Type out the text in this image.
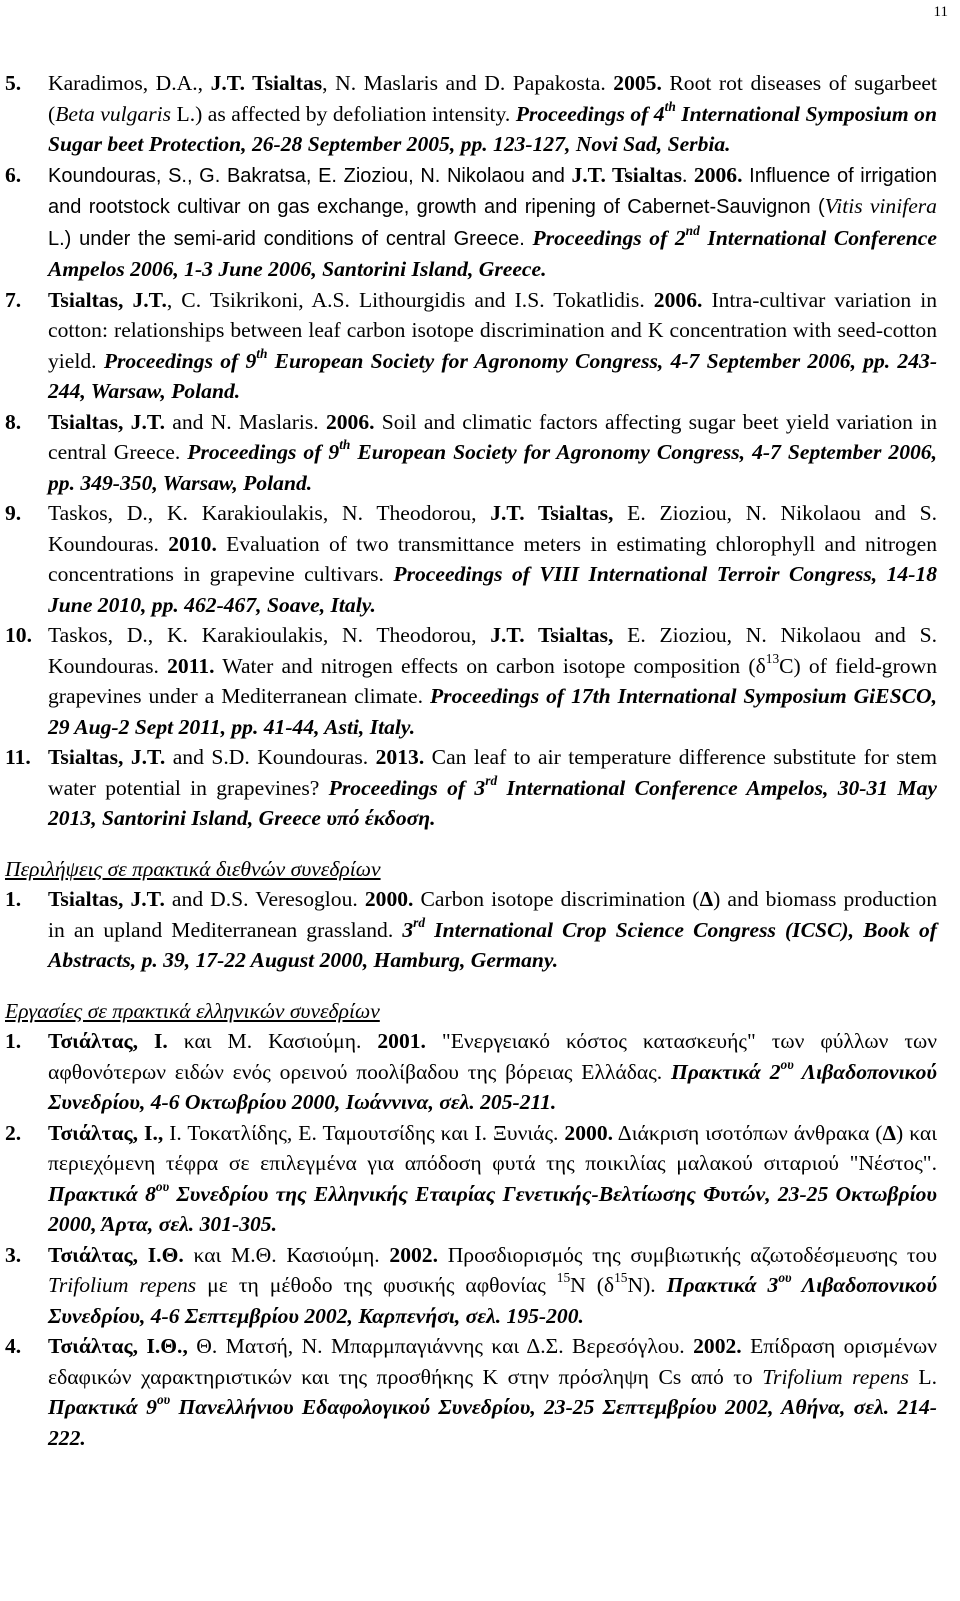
11
5. Karadimos, D.A., J.T. Tsialtas, N. Maslaris and D. Papakosta. 2005. Root rot diseases of sugarbeet (Beta vulgaris L.) as affected by defoliation intensity. Proceedings of 4th International Symposium on Sugar beet Protection, 26-28 September 2005, pp. 123-127, Novi Sad, Serbia.
6. Koundouras, S., G. Bakratsa, E. Zioziou, N. Nikolaou and J.T. Tsialtas. 2006. Influence of irrigation and rootstock cultivar on gas exchange, growth and ripening of Cabernet-Sauvignon (Vitis vinifera L.) under the semi-arid conditions of central Greece. Proceedings of 2nd International Conference Ampelos 2006, 1-3 June 2006, Santorini Island, Greece.
7. Tsialtas, J.T., C. Tsikrikoni, A.S. Lithourgidis and I.S. Tokatlidis. 2006. Intra-cultivar variation in cotton: relationships between leaf carbon isotope discrimination and K concentration with seed-cotton yield. Proceedings of 9th European Society for Agronomy Congress, 4-7 September 2006, pp. 243-244, Warsaw, Poland.
8. Tsialtas, J.T. and N. Maslaris. 2006. Soil and climatic factors affecting sugar beet yield variation in central Greece. Proceedings of 9th European Society for Agronomy Congress, 4-7 September 2006, pp. 349-350, Warsaw, Poland.
9. Taskos, D., K. Karakioulakis, N. Theodorou, J.T. Tsialtas, E. Zioziou, N. Nikolaou and S. Koundouras. 2010. Evaluation of two transmittance meters in estimating chlorophyll and nitrogen concentrations in grapevine cultivars. Proceedings of VIII International Terroir Congress, 14-18 June 2010, pp. 462-467, Soave, Italy.
10. Taskos, D., K. Karakioulakis, N. Theodorou, J.T. Tsialtas, E. Zioziou, N. Nikolaou and S. Koundouras. 2011. Water and nitrogen effects on carbon isotope composition $(\delta^{13}C)$ of field-grown grapevines under a Mediterranean climate. Proceedings of 17th International Symposium GiESCO, 29 Aug-2 Sept 2011, pp. 41-44, Asti, Italy.
11. Tsialtas, J.T. and S.D. Koundouras. 2013. Can leaf to air temperature difference substitute for stem water potential in grapevines? Proceedings of 3rd International Conference Ampelos, 30-31 May 2013, Santorini Island, Greece υπό έκδοση.
Περιλήψεις σε πρακτικά διεθνών συνεδρίων
1. Tsialtas, J.T. and D.S. Veresoglou. 2000. Carbon isotope discrimination (Δ) and biomass production in an upland Mediterranean grassland. 3rd International Crop Science Congress (ICSC), Book of Abstracts, p. 39, 17-22 August 2000, Hamburg, Germany.
Εργασίες σε πρακτικά ελληνικών συνεδρίων
1. Τσιάλτας, Ι. και Μ. Κασιούμη. 2001. "Ενεργειακό κόστος κατασκευής" των φύλλων των αφθονότερων ειδών ενός ορεινού ποολίβαδου της βόρειας Ελλάδας. Πρακτικά $2^{o\upsilon}$ Λιβαδοπονικού Συνεδρίου, 4-6 Οκτωβρίου 2000, Ιωάννινα, σελ. 205-211.
2. Τσιάλτας, Ι., Ι. Τοκατλίδης, Ε. Ταμουτσίδης και Ι. Ξυνιάς. 2000. Διάκριση ισοτόπων άνθρακα (Δ) και περιεχόμενη τέφρα σε επιλεγμένα για απόδοση φυτά της ποικιλίας μαλακού σιταριού "Νέστος". Πρακτικά $8^{o\upsilon}$ Συνεδρίου της Ελληνικής Εταιρίας Γενετικής-Βελτίωσης Φυτών, 23-25 Οκτωβρίου 2000, Άρτα, σελ. 301-305.
3. Τσιάλτας, Ι.Θ. και Μ.Θ. Κασιούμη. 2002. Προσδιορισμός της συμβιωτικής αζωτοδέσμευσης του Trifolium repens με τη μέθοδο της φυσικής αφθονίας $^{15}$N $(\delta^{15}N)$. Πρακτικά $3^{o\upsilon}$ Λιβαδοπονικού Συνεδρίου, 4-6 Σεπτεμβρίου 2002, Καρπενήσι, σελ. 195-200.
4. Τσιάλτας, Ι.Θ., Θ. Ματσή, Ν. Μπαρμπαγιάννης και Δ.Σ. Βερεσόγλου. 2002. Επίδραση ορισμένων εδαφικών χαρακτηριστικών και της προσθήκης Κ στην πρόσληψη Cs από το Trifolium repens L. Πρακτικά $9^{o\upsilon}$ Πανελλήνιου Εδαφολογικού Συνεδρίου, 23-25 Σεπτεμβρίου 2002, Αθήνα, σελ. 214-222.
